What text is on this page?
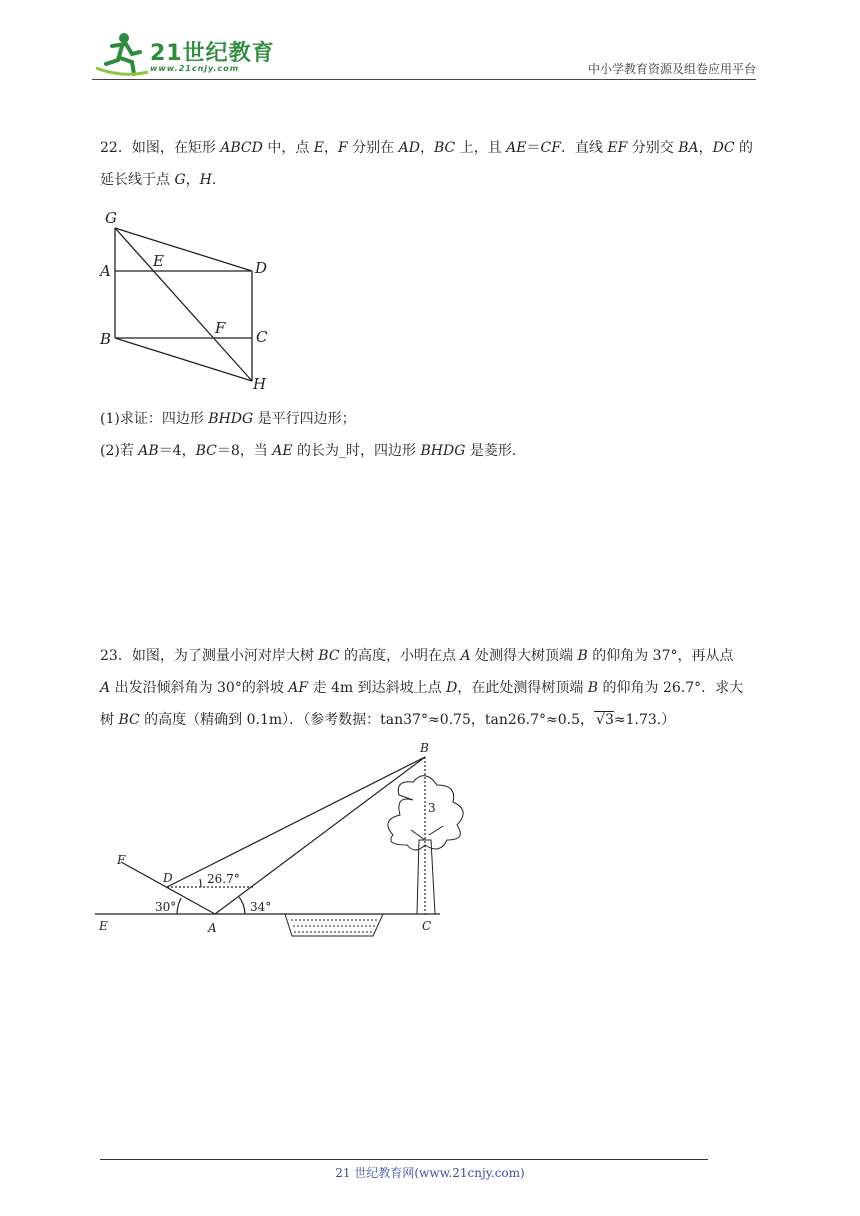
21世纪教育
www.21cnjy.com	中小学教育资源及组卷应用平台

22．如图，在矩形 ABCD 中，点 E，F 分别在 AD，BC 上，且 AE＝CF．直线 EF 分别交 BA，DC 的

延长线于点 G，H．

G
A
B
E	D
F C
H

(1)求证：四边形 BHDG 是平行四边形；

(2)若 AB＝4，BC＝8，当 AE 的长为_时，四边形 BHDG 是菱形．

23．如图，为了测量小河对岸大树 BC 的高度，小明在点 A 处测得大树顶端 B 的仰角为 37°，再从点

A 出发沿倾斜角为 30°的斜坡 AF 走 4m 到达斜坡上点 D，在此处测得树顶端 B 的仰角为 26.7°．求大

树 BC 的高度（精确到 0.1m）．（参考数据：tan37°≈0.75，tan26.7°≈0.5， √3≈1.73.）

B
F
D
E	A	C
26.7°
30°	34°
3
21 世纪教育网(www.21cnjy.com)
